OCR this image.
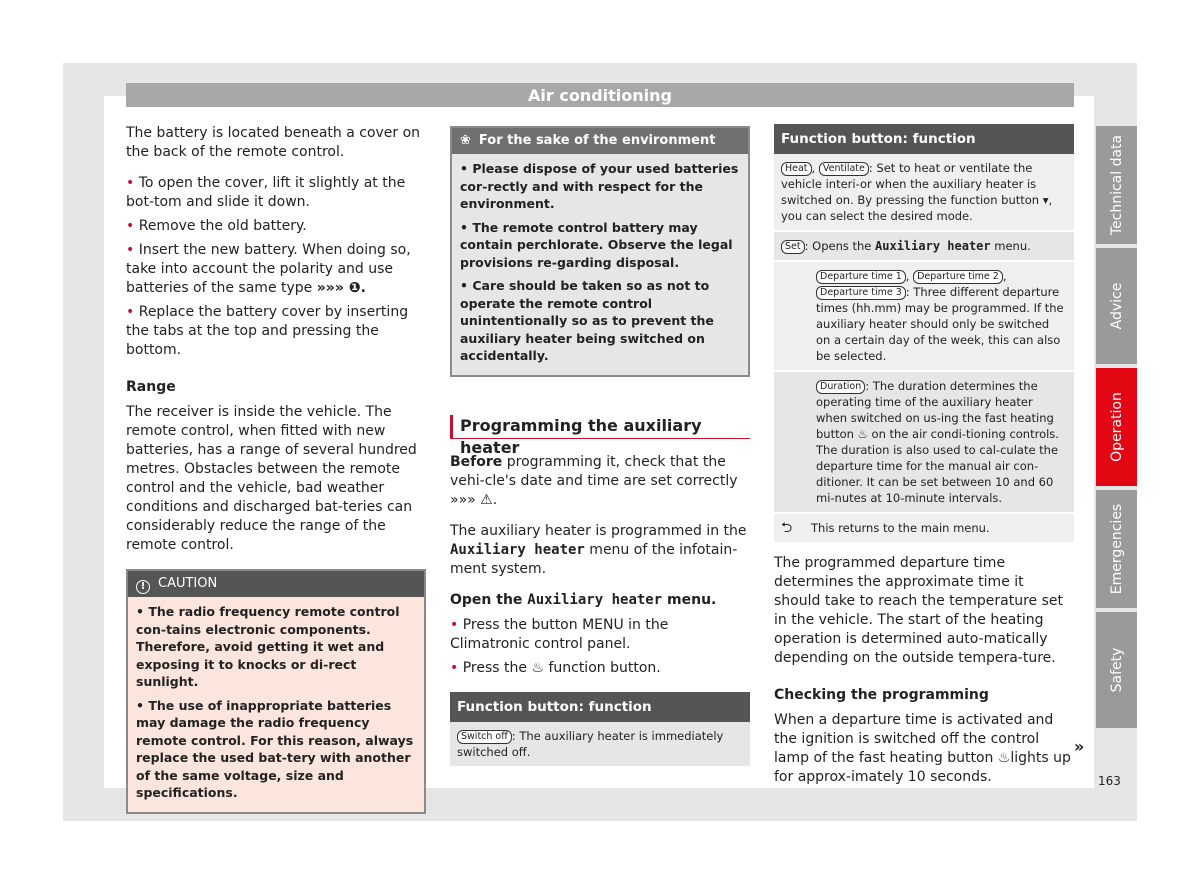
Air conditioning

The battery is located beneath a cover on the back of the remote control.

• To open the cover, lift it slightly at the bot-tom and slide it down.

• Remove the old battery.

• Insert the new battery. When doing so, take into account the polarity and use batteries of the same type »»» ❶.

• Replace the battery cover by inserting the tabs at the top and pressing the bottom.

Range

The receiver is inside the vehicle. The remote control, when fitted with new batteries, has a range of several hundred metres. Obstacles between the remote control and the vehicle, bad weather conditions and discharged bat-teries can considerably reduce the range of the remote control.

! CAUTION

• The radio frequency remote control con-tains electronic components. Therefore, avoid getting it wet and exposing it to knocks or di-rect sunlight.

• The use of inappropriate batteries may damage the radio frequency remote control. For this reason, always replace the used bat-tery with another of the same voltage, size and specifications.

❀ For the sake of the environment

• Please dispose of your used batteries cor-rectly and with respect for the environment.

• The remote control battery may contain perchlorate. Observe the legal provisions re-garding disposal.

• Care should be taken so as not to operate the remote control unintentionally so as to prevent the auxiliary heater being switched on accidentally.

Programming the auxiliary heater

Before programming it, check that the vehi-cle's date and time are set correctly »»» ⚠.

The auxiliary heater is programmed in the Auxiliary heater menu of the infotain-ment system.

Open the Auxiliary heater menu.

• Press the button MENU in the Climatronic control panel.

• Press the ♨ function button.

Function button: function
Switch off : The auxiliary heater is immediately switched off.
Function button: function
Heat , Ventilate : Set to heat or ventilate the vehicle interi-or when the auxiliary heater is switched on. By pressing the function button ▾, you can select the desired mode.
Set : Opens the Auxiliary heater menu.
Departure time 1 , Departure time 2 , Departure time 3 : Three different departure times (hh.mm) may be programmed. If the auxiliary heater should only be switched on a certain day of the week, this can also be selected.
Duration : The duration determines the operating time of the auxiliary heater when switched on us-ing the fast heating button ♨ on the air condi-tioning controls. The duration is also used to cal-culate the departure time for the manual air con-ditioner. It can be set between 10 and 60 mi-nutes at 10-minute intervals.
⮌ This returns to the main menu.

The programmed departure time determines the approximate time it should take to reach the temperature set in the vehicle. The start of the heating operation is determined auto-matically depending on the outside tempera-ture.

Checking the programming

When a departure time is activated and the ignition is switched off the control lamp of the fast heating button ♨lights up for approx-imately 10 seconds.

Technical data
Advice
Operation
Emergencies
Safety
»
163
